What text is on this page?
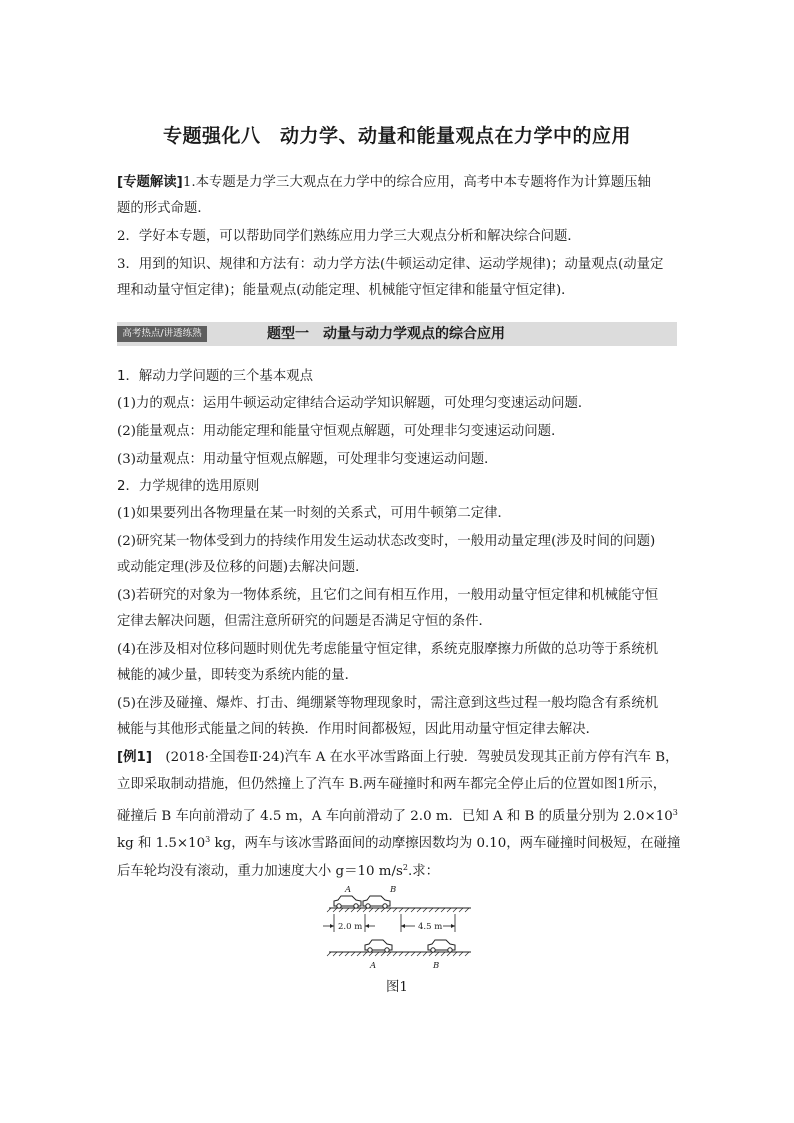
专题强化八　动力学、动量和能量观点在力学中的应用
[专题解读]1.本专题是力学三大观点在力学中的综合应用，高考中本专题将作为计算题压轴
题的形式命题．
2．学好本专题，可以帮助同学们熟练应用力学三大观点分析和解决综合问题．
3．用到的知识、规律和方法有：动力学方法(牛顿运动定律、运动学规律)；动量观点(动量定
理和动量守恒定律)；能量观点(动能定理、机械能守恒定律和能量守恒定律)．
高考热点/讲透练熟	题型一　动量与动力学观点的综合应用
1．解动力学问题的三个基本观点
(1)力的观点：运用牛顿运动定律结合运动学知识解题，可处理匀变速运动问题．
(2)能量观点：用动能定理和能量守恒观点解题，可处理非匀变速运动问题．
(3)动量观点：用动量守恒观点解题，可处理非匀变速运动问题．
2．力学规律的选用原则
(1)如果要列出各物理量在某一时刻的关系式，可用牛顿第二定律．
(2)研究某一物体受到力的持续作用发生运动状态改变时，一般用动量定理(涉及时间的问题)
或动能定理(涉及位移的问题)去解决问题．
(3)若研究的对象为一物体系统，且它们之间有相互作用，一般用动量守恒定律和机械能守恒
定律去解决问题，但需注意所研究的问题是否满足守恒的条件．
(4)在涉及相对位移问题时则优先考虑能量守恒定律，系统克服摩擦力所做的总功等于系统机
械能的减少量，即转变为系统内能的量．
(5)在涉及碰撞、爆炸、打击、绳绷紧等物理现象时，需注意到这些过程一般均隐含有系统机
械能与其他形式能量之间的转换．作用时间都极短，因此用动量守恒定律去解决．
[例1]　(2018·全国卷Ⅱ·24)汽车 A 在水平冰雪路面上行驶．驾驶员发现其正前方停有汽车 B，
立即采取制动措施，但仍然撞上了汽车 B.两车碰撞时和两车都完全停止后的位置如图1所示，
碰撞后 B 车向前滑动了 4.5 m，A 车向前滑动了 2.0 m．已知 A 和 B 的质量分别为 $2.0\times 10^3$
kg 和 $1.5\times 10^3$ kg，两车与该冰雪路面间的动摩擦因数均为 0.10，两车碰撞时间极短，在碰撞
后车轮均没有滚动，重力加速度大小 g＝10 $m/s^2$.求：
A	B
2.0 m	4.5 m
A	B
图1
